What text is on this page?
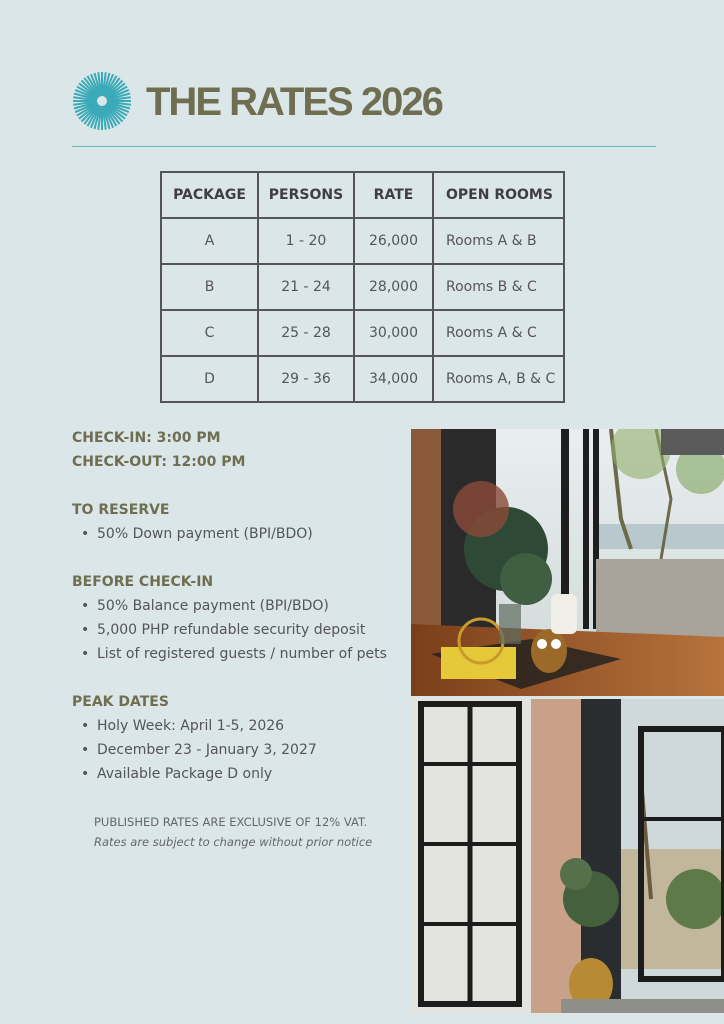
THE RATES 2026
PACKAGE	PERSONS	RATE	OPEN ROOMS
A	1 - 20	26,000	Rooms A & B
B	21 - 24	28,000	Rooms B & C
C	25 - 28	30,000	Rooms A & C
D	29 - 36	34,000	Rooms A, B & C
CHECK-IN: 3:00 PM
CHECK-OUT: 12:00 PM
TO RESERVE
• 50% Down payment (BPI/BDO)
BEFORE CHECK-IN
• 50% Balance payment (BPI/BDO)
• 5,000 PHP refundable security deposit
• List of registered guests / number of pets
PEAK DATES
• Holy Week: April 1-5, 2026
• December 23 - January 3, 2027
• Available Package D only
PUBLISHED RATES ARE EXCLUSIVE OF 12% VAT.
Rates are subject to change without prior notice
